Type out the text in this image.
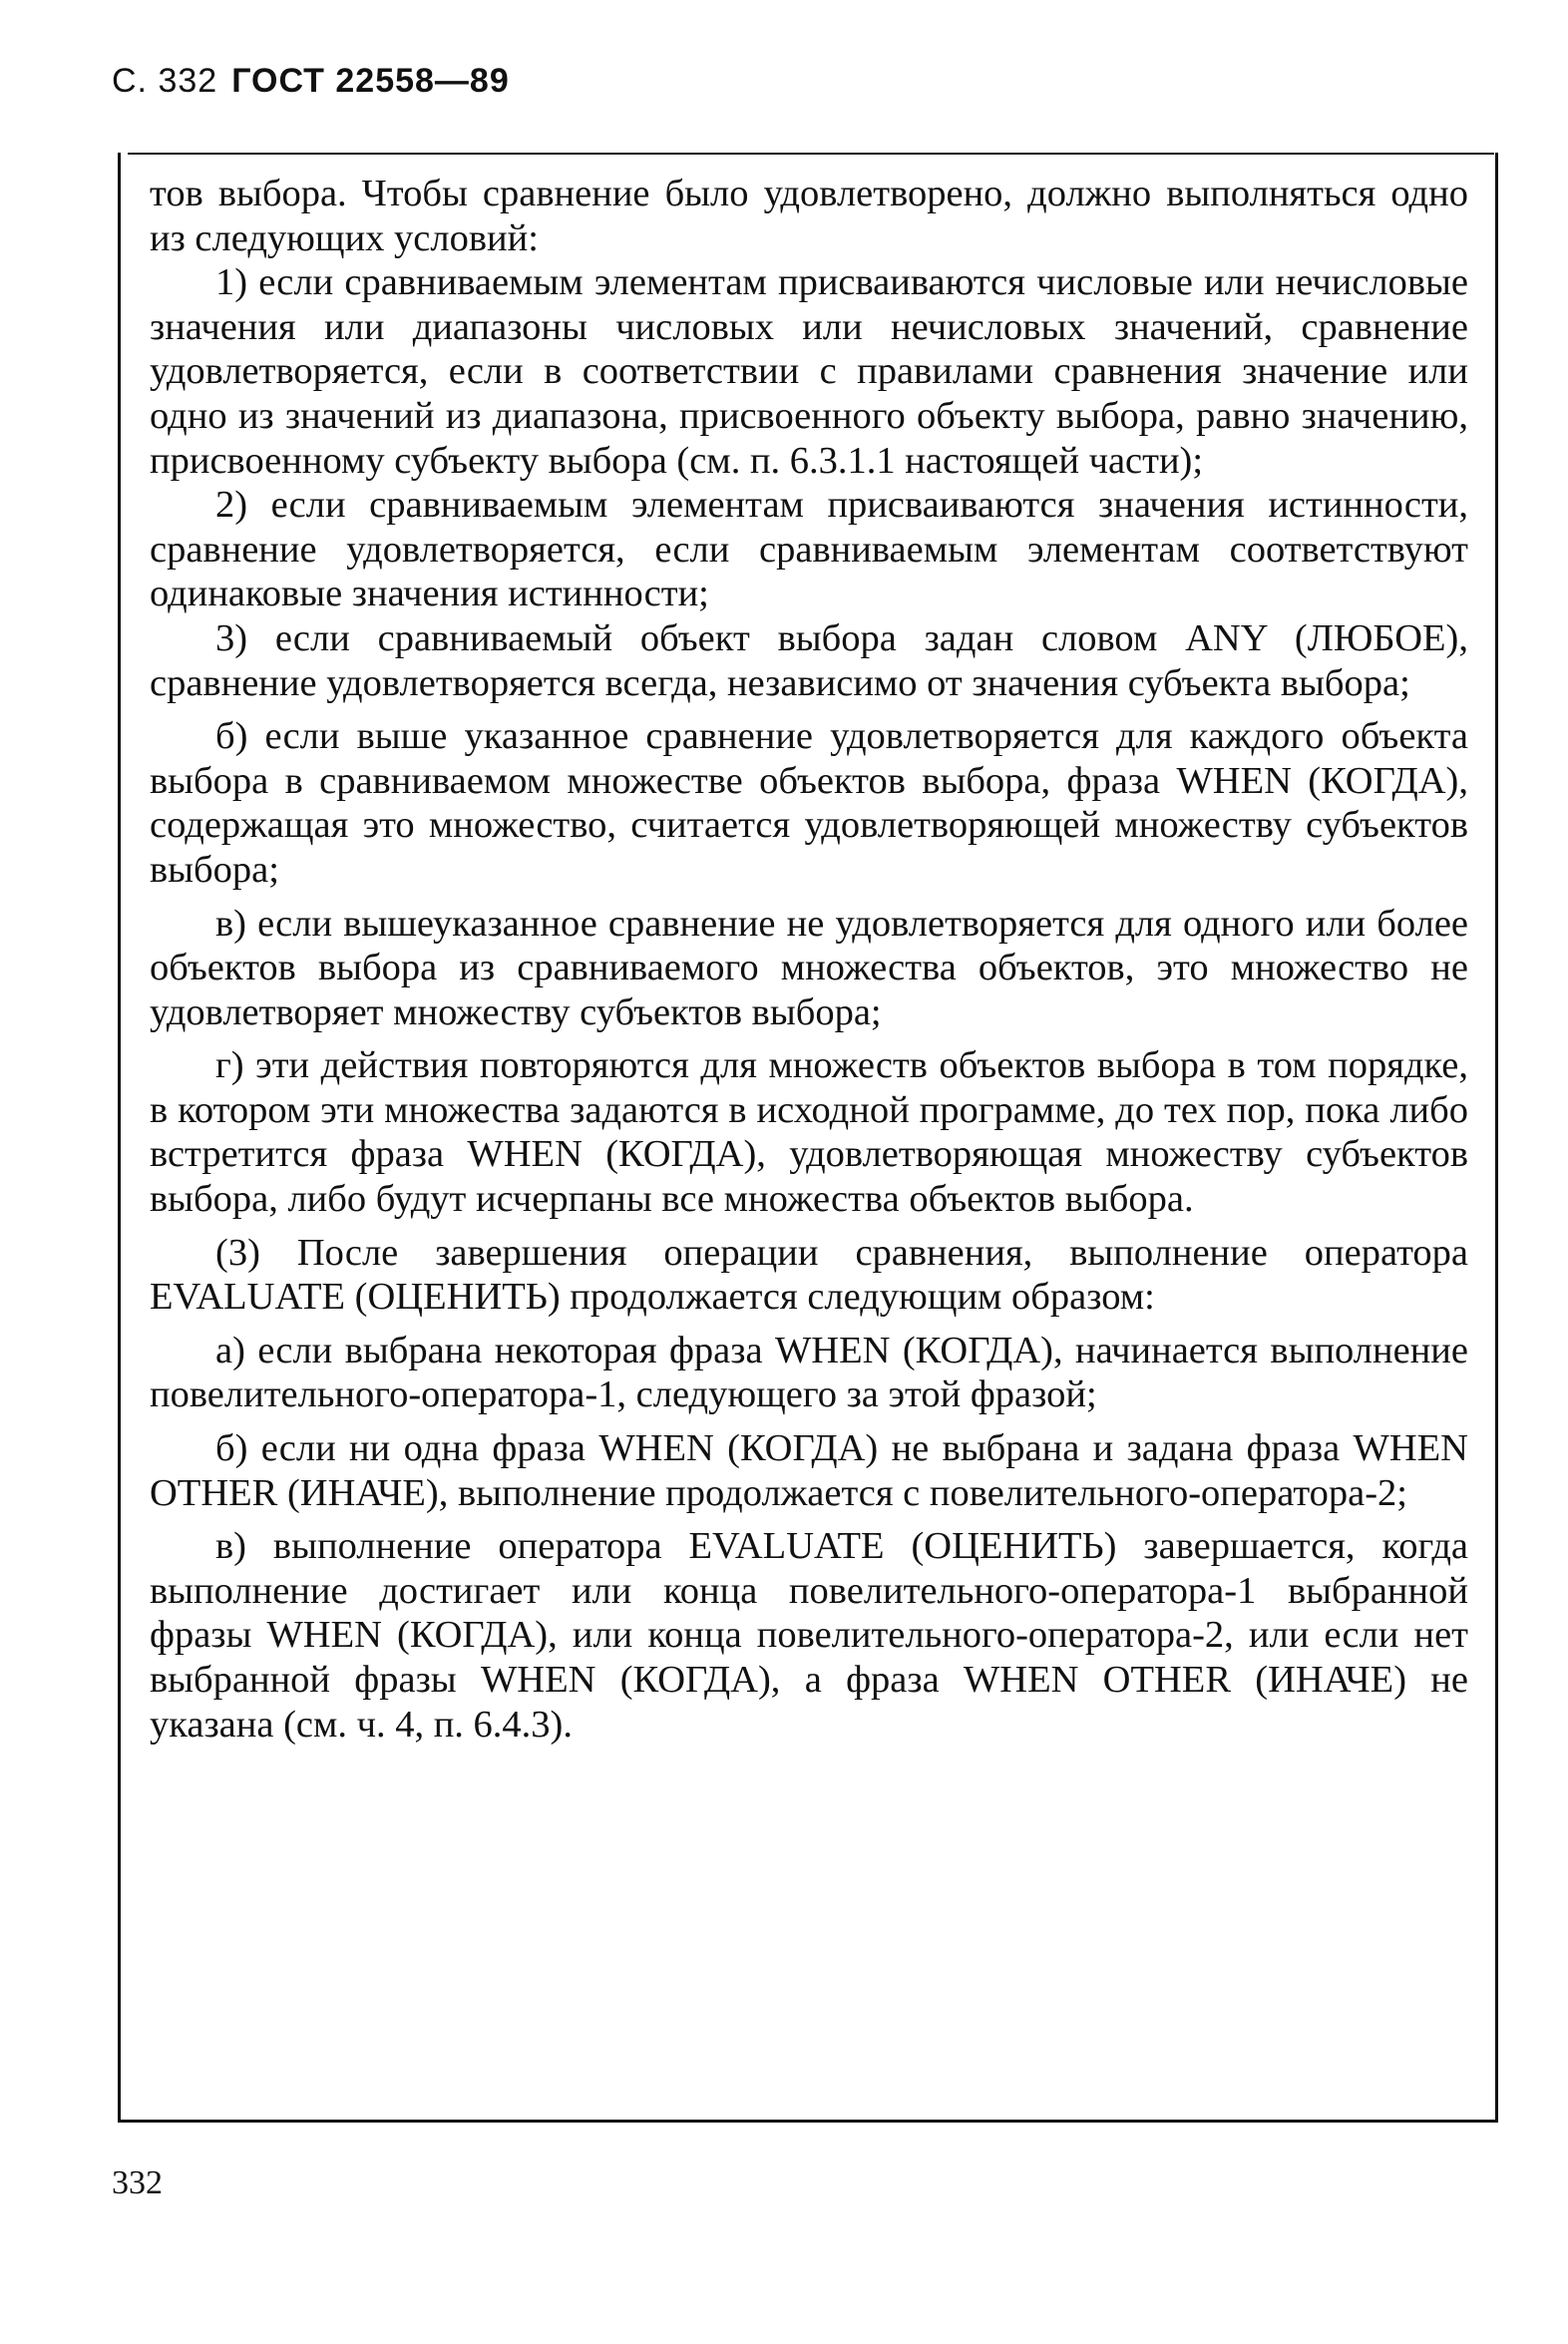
С. 332 ГОСТ 22558—89

тов выбора. Чтобы сравнение было удовлетворено, должно выполняться одно из следующих условий:

1) если сравниваемым элементам присваиваются числовые или нечисловые значения или диапазоны числовых или нечисловых значений, сравнение удовлетворяется, если в соответствии с правилами сравнения значение или одно из значений из диапазона, присвоенного объекту выбора, равно значению, присвоенному субъекту выбора (см. п. 6.3.1.1 настоящей части);

2) если сравниваемым элементам присваиваются значения истинности, сравнение удовлетворяется, если сравниваемым элементам соответствуют одинаковые значения истинности;

3) если сравниваемый объект выбора задан словом ANY (ЛЮБОЕ), сравнение удовлетворяется всегда, независимо от значения субъекта выбора;

б) если выше указанное сравнение удовлетворяется для каждого объекта выбора в сравниваемом множестве объектов выбора, фраза WHEN (КОГДА), содержащая это множество, считается удовлетворяющей множеству субъектов выбора;

в) если вышеуказанное сравнение не удовлетворяется для одного или более объектов выбора из сравниваемого множества объектов, это множество не удовлетворяет множеству субъектов выбора;

г) эти действия повторяются для множеств объектов выбора в том порядке, в котором эти множества задаются в исходной программе, до тех пор, пока либо встретится фраза WHEN (КОГДА), удовлетворяющая множеству субъектов выбора, либо будут исчерпаны все множества объектов выбора.

(3) После завершения операции сравнения, выполнение оператора EVALUATE (ОЦЕНИТЬ) продолжается следующим образом:

а) если выбрана некоторая фраза WHEN (КОГДА), начинается выполнение повелительного-оператора-1, следующего за этой фразой;

б) если ни одна фраза WHEN (КОГДА) не выбрана и задана фраза WHEN OTHER (ИНАЧЕ), выполнение продолжается с повелительного-оператора-2;

в) выполнение оператора EVALUATE (ОЦЕНИТЬ) завершается, когда выполнение достигает или конца повелительного-оператора-1 выбранной фразы WHEN (КОГДА), или конца повелительного-оператора-2, или если нет выбранной фразы WHEN (КОГДА), а фраза WHEN OTHER (ИНАЧЕ) не указана (см. ч. 4, п. 6.4.3).

332
